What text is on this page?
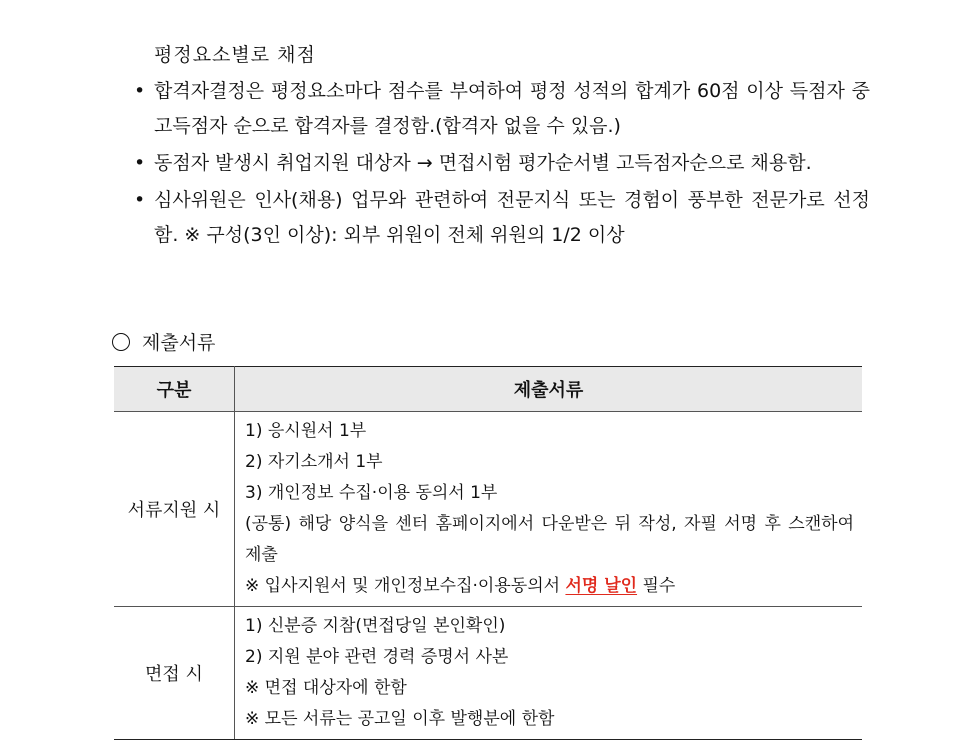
평정요소별로 채점
• 합격자결정은 평정요소마다 점수를 부여하여 평정 성적의 합계가 60점 이상 득점자 중 고득점자 순으로 합격자를 결정함.(합격자 없을 수 있음.)
• 동점자 발생시 취업지원 대상자 → 면접시험 평가순서별 고득점자순으로 채용함.
• 심사위원은 인사(채용) 업무와 관련하여 전문지식 또는 경험이 풍부한 전문가로 선정함. ※ 구성(3인 이상): 외부 위원이 전체 위원의 1/2 이상
제출서류
구분	제출서류
서류지원 시	1) 응시원서 1부
2) 자기소개서 1부
3) 개인정보 수집·이용 동의서 1부
(공통) 해당 양식을 센터 홈페이지에서 다운받은 뒤 작성, 자필 서명 후 스캔하여 제출
※ 입사지원서 및 개인정보수집·이용동의서 서명 날인 필수

면접 시	1) 신분증 지참(면접당일 본인확인)
2) 지원 분야 관련 경력 증명서 사본
※ 면접 대상자에 한함
※ 모든 서류는 공고일 이후 발행분에 한함
